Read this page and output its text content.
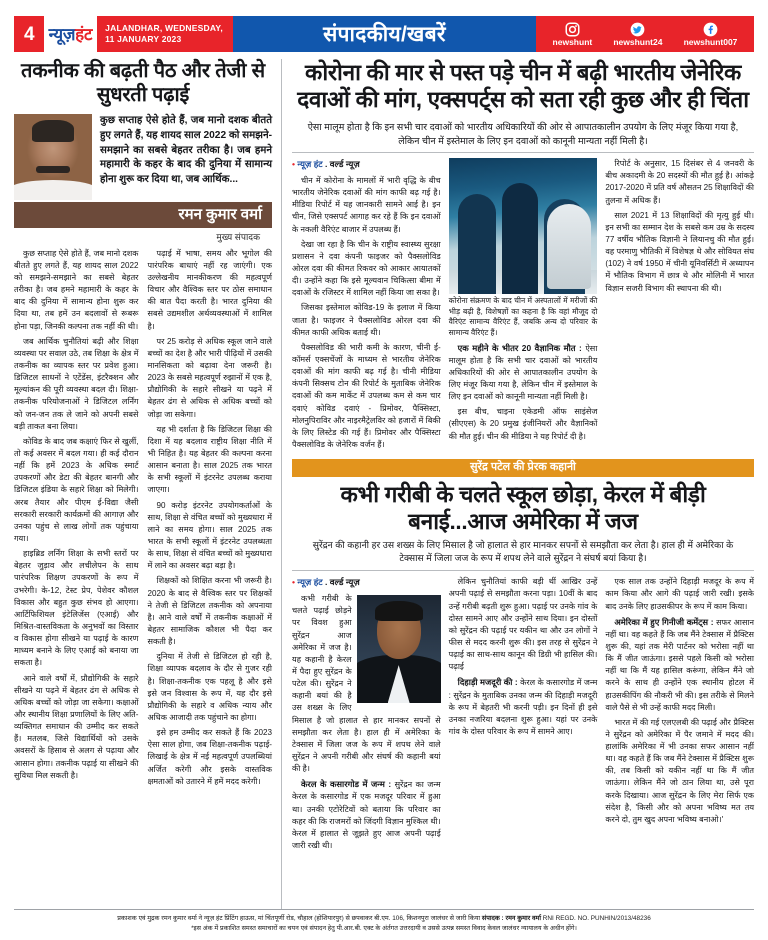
4 न्यूज़हंट JALANDHAR, WEDNESDAY,
11 JANUARY 2023	संपादकीय/खबरें	newshunt newshunt24 newshunt007
तकनीक की बढ़ती पैठ और तेजी से सुधरती पढ़ाई
कुछ सप्ताह ऐसे होते हैं, जब मानो दशक बीतते हुए लगते हैं, यह शायद साल 2022 को समझने-समझाने का सबसे बेहतर तरीका है। जब हमने महामारी के कहर के बाद की दुनिया में सामान्य होना शुरू कर दिया था, जब आर्थिक...
रमन कुमार वर्मा
मुख्य संपादक

कुछ सप्ताह ऐसे होते हैं, जब मानो दशक बीतते हुए लगते हैं, यह शायद साल 2022 को समझने-समझाने का सबसे बेहतर तरीका है। जब हमने महामारी के कहर के बाद की दुनिया में सामान्य होना शुरू कर दिया था, तब हमें उन बदलावों से रूबरू होना पड़ा, जिनकी कल्पना तक नहीं की थी।

जब आर्थिक चुनौतियां बढ़ी और शिक्षा व्यवस्था पर सवाल उठे, तब शिक्षा के क्षेत्र में तकनीक का व्यापक स्तर पर प्रवेश हुआ। डिजिटल साधनों ने एटेंडेंस, इंटरैक्शन और मूल्यांकन की पूरी व्यवस्था बदल दी। शिक्षा-तकनीक परियोजनाओं ने डिजिटल लर्निंग को जन-जन तक ले जाने को अपनी सबसे बड़ी ताकत बना लिया।

कोविड के बाद जब कक्षाएं फिर से खुलीं, तो कई अवसर में बदल गया। ही कई दौरान नहीं कि हमें 2023 के अधिक स्मार्ट उपकरणों और डेटा की बेहतर बानगी और डिजिटल इंडिया के सहारे शिक्षा को मिलेगी। अरब तैयार और पीएम ई-विद्या जैसी सरकारी सरकारी कार्यक्रमों की आगाज़ और उनका पहुंच से लाख लोगों तक पहुंचाया गया।

हाइब्रिड लर्निंग शिक्षा के सभी स्तरों पर बेहतर जुड़ाव और लचीलेपन के साथ पारंपरिक शिक्षण उपकरणों के रूप में उभरेगी। के-12, टेस्ट प्रेप, पेशेवर कौशल विकास और बहुत कुछ संभव हो आएगा। आर्टिफिशियल इंटेलिजेंस (एआई) और मिश्रित-वास्तविकता के अनुभवों का विस्तार व विकास होगा सीखने या पढ़ाई के कारण माध्यम बनाने के लिए एआई को बनाया जा सकता है।

आने वाले वर्षों में, प्रौद्योगिकी के सहारे सीखने या पढ़ने में बेहतर ढंग से अधिक से अधिक बच्चों को जोड़ा जा सकेगा। कक्षाओं और स्थानीय शिक्षा प्रणालियों के लिए अति-व्यक्तिगत समाधान की उम्मीद कर सकते हैं। मतलब, जिसे विद्यार्थियों को उसके अवसरों के हिसाब से अलग से पढ़ाया और आसान होगा। तकनीक पढ़ाई या सीखने की सुविधा मिल सकती है।

पढ़ाई में भाषा, समय और भूगोल की पारंपरिक बाधाएं नहीं रह जाएंगी। एक उल्लेखनीय मानकीकरण की महत्वपूर्ण विचार और वैश्विक स्तर पर ठोस समाधान की बात पैदा करती है। भारत दुनिया की सबसे उद्यमशील अर्थव्यवस्थाओं में शामिल है।

पर 25 करोड़ से अधिक स्कूल जाने वाले बच्चों का देश है और भारी पीढ़ियों में उसकी मानसिकता को बढ़ावा देना जरूरी है। 2023 के सबसे महत्वपूर्ण रुझानों में एक है, प्रौद्योगिकी के सहारे सीखने या पढ़ने में बेहतर ढंग से अधिक से अधिक बच्चों को जोड़ा जा सकेगा।

यह भी दर्शाता है कि डिजिटल शिक्षा की दिशा में यह बदलाव राष्ट्रीय शिक्षा नीति में भी निहित है। यह बेहतर की कल्पना करना आसान बनाता है। साल 2025 तक भारत के सभी स्कूलों में इंटरनेट उपलब्ध कराया जाएगा।

90 करोड़ इंटरनेट उपयोगकर्ताओं के साथ, शिक्षा से वंचित बच्चों को मुख्यधारा में लाने का समय होगा। साल 2025 तक भारत के सभी स्कूलों में इंटरनेट उपलब्धता के साथ, शिक्षा से वंचित बच्चों को मुख्यधारा में लाने का अवसर बढ़ा बड़ा है।

शिक्षकों को शिक्षित करना भी जरूरी है। 2020 के बाद से वैश्विक स्तर पर शिक्षकों ने तेजी से डिजिटल तकनीक को अपनाया है। आने वाले वर्षों में तकनीक कक्षाओं में बेहतर सामाजिक कौशल भी पैदा कर सकती है।

दुनिया में तेजी से डिजिटल हो रही है, शिक्षा व्यापक बदलाव के दौर से गुजर रही है। शिक्षा-तकनीक एक पहलू है और इसे इसे जन विश्वास के रूप में, यह दौर इसे प्रौद्योगिकी के सहारे व अधिक न्याय और अधिक आजादी तक पहुंचाने का होगा।

इसे हम उम्मीद कर सकते हैं कि 2023 ऐसा साल होगा, जब शिक्षा-तकनीक पढ़ाई-लिखाई के क्षेत्र में नई महत्वपूर्ण उपलब्धियां अर्जित करेगी और इसके वास्तविक क्षमताओं को उतारने में हमें मदद करेगी।

कोरोना की मार से पस्त पड़े चीन में बढ़ी भारतीय जेनेरिक दवाओं की मांग, एक्सपर्ट्स को सता रही कुछ और ही चिंता
ऐसा मालूम होता है कि इन सभी चार दवाओं को भारतीय अधिकारियों की ओर से आपातकालीन उपयोग के लिए मंजूर किया गया है, लेकिन चीन में इस्तेमाल के लिए इन दवाओं को कानूनी मान्यता नहीं मिली है।
• न्यूज़ हंट . वर्ल्ड न्यूज़

चीन में कोरोना के मामलों में भारी वृद्धि के बीच भारतीय जेनेरिक दवाओं की मांग काफी बढ़ गई है। मीडिया रिपोर्ट में यह जानकारी सामने आई है। इन चीन, जिसे एक्सपर्ट आगाह कर रहे हैं कि इन दवाओं के नकली वैरिएंट बाजार में उपलब्ध हैं।

देखा जा रहा है कि चीन के राष्ट्रीय स्वास्थ्य सुरक्षा प्रशासन ने दवा कंपनी फाइजर को पैक्सलोविड ओरल दवा की कीमत रिकवर को आकार आयातकों दी। उन्होंने कहा कि इसे मूल्यवान चिकित्सा बीमा में दवाओं के रजिस्टर में शामिल नहीं किया जा सका है।

जिसका इस्तेमाल कोविड-19 के इलाज में किया जाता है। फाइजर ने पैक्सलोविड ओरल दवा की कीमत काफी अधिक बताई थी।

पैक्सलोविड की भारी कमी के कारण, चीनी ई-कॉमर्स एक्सचेंजों के माध्यम से भारतीय जेनेरिक दवाओं की मांग काफी बढ़ गई है। चीनी मीडिया कंपनी सिक्सथ टोन की रिपोर्ट के मुताबिक जेनेरिक दवाओं की कम मार्केट में उपलब्ध कम से कम चार दवाएं कोविड दवाएं - प्रिमोवर, पैक्सिस्टा, मोलनुपिराविर और नाइरमैट्रेलविर को हजारों में बिकी के लिए लिस्टेड की गई हैं। प्रिमोवर और पैक्सिस्टा पैक्सलोविड के जेनेरिक वर्जन हैं।

कोरोना संक्रमण के बाद चीन में अस्पतालों में मरीजों की भीड़ बढ़ी है, विशेषज्ञों का कहना है कि वहां मौजूद दो वैरिएंट सामान्य वैरिएंट हैं, जबकि अन्य दो परिवार के सामान्य वैरिएंट हैं।

एक महीने के भीतर 20 वैज्ञानिक मौत : ऐसा मालूम होता है कि सभी चार दवाओं को भारतीय अधिकारियों की ओर से आपातकालीन उपयोग के लिए मंजूर किया गया है, लेकिन चीन में इस्तेमाल के लिए इन दवाओं को कानूनी मान्यता नहीं मिली है।

इस बीच, चाइना एकेडमी ऑफ साइंसेज (सीएएस) के 20 प्रमुख इंजीनियरों और वैज्ञानिकों की मौत हुई। चीन की मीडिया ने यह रिपोर्ट दी है।

रिपोर्ट के अनुसार, 15 दिसंबर से 4 जनवरी के बीच अकादमी के 20 सदस्यों की मौत हुई है। आंकड़े 2017-2020 में प्रति वर्ष औसतन 25 शिक्षाविदों की तुलना में अधिक हैं।

साल 2021 में 13 शिक्षाविदों की मृत्यु हुई थी। इन सभी का सम्मान देश के सबसे कम उम्र के सदस्य 77 वर्षीय भौतिक विज्ञानी ने लियानचु की मौत हुई। वह परमाणु भौतिकी में विशेषज्ञ थे और सोवियत संघ (102) ने वर्ष 1950 में चीनी यूनिवर्सिटी में अध्यापन में भौतिक विभाग में छात्र थे और मोलिनी में भारत विज्ञान सजरी विभाग की स्थापना की थी।

सुरेंद्र पटेल की प्रेरक कहानी
कभी गरीबी के चलते स्कूल छोड़ा, केरल में बीड़ी बनाई...आज अमेरिका में जज
सुरेंद्रन की कहानी हर उस शख्स के लिए मिसाल है जो हालात से हार मानकर सपनों से समझौता कर लेता है। हाल ही में अमेरिका के टेक्सास में जिला जज के रूप में शपथ लेने वाले सुरेंद्रन ने संघर्ष बयां किया है।
• न्यूज़ हंट . वर्ल्ड न्यूज़

कभी गरीबी के चलते पढ़ाई छोड़ने पर विवश हुआ सुरेंद्रन आज अमेरिका में जज है। यह कहानी है केरल में पैदा हुए सुरेंद्रन के पटेल की। सुरेंद्रन ने कहानी बयां की है उस शख्स के लिए मिसाल है जो हालात से हार मानकर सपनों से समझौता कर लेता है। हाल ही में अमेरिका के टेक्सास में जिला जज के रूप में शपथ लेने वाले सुरेंद्रन ने अपनी गरीबी और संघर्ष की कहानी बयां की है।

केरल के कसारगोड में जन्म : सुरेंद्रन का जन्म केरल के कसारगोड में एक मजदूर परिवार में हुआ था। उनकी एटोरेटिवों को बताया कि परिवार का कहर की कि राजमरों को जिंदगी विज्ञान मुश्किल थी। केरल में हालात से जूझते हुए आज अपनी पढ़ाई जारी रखी थी।

लेकिन चुनौतियां काफी बड़ी थीं आखिर उन्हें अपनी पढ़ाई से समझौता करना पड़ा। 10वीं के बाद उन्हें गरीबी बढ़ती शुरू हुआ। पढ़ाई पर उनके गांव के दोस्त सामने आए और उन्होंने साथ दिया। इन दोस्तों को सुरेंद्रन की पढ़ाई पर यकीन था और उन लोगों ने फीस से मदद करनी शुरू की। इस तरह से सुरेंद्रन ने पढ़ाई का साथ-साथ कानून की डिग्री भी हासिल की। पढ़ाई

दिहाड़ी मजदूरी की : केरल के कसारगोड में जन्म : सुरेंद्रन के मुताबिक उनका जन्म की दिहाड़ी मजदूरी के रूप में बेहतरी भी करनी पड़ी। इन दिनों ही इसे उनका नजरिया बदलना शुरू हुआ। यहां पर उनके गांव के दोस्त परिवार के रूप में सामने आए।

एक साल तक उन्होंने दिहाड़ी मजदूर के रूप में काम किया और आगे की पढ़ाई जारी रखी। इसके बाद उनके लिए हाउसकीपर के रूप में काम किया।

अमेरिका में हुए गिनीजी कमेंट्स : सफर आसान नहीं था। वह कहते हैं कि जब मैंने टेक्सास में प्रैक्टिस शुरू की, यहां तक मेरी पार्टनर को भरोसा नहीं था कि मैं जीत जाऊंगा। इससे पहले किसी को भरोसा नहीं था कि मैं यह हासिल करूंगा, लेकिन मैंने जो करने के साथ ही उन्होंने एक स्थानीय होटल में हाउसकीपिंग की नौकरी भी की। इस तरीके से मिलने वाले पैसे से भी उन्हें काफी मदद मिली।

भारत में की गई एलएलबी की पढ़ाई और प्रैक्टिस ने सुरेंद्रन को अमेरिका में पैर जमाने में मदद की। हालांकि अमेरिका में भी उनका सफर आसान नहीं था। वह कहते हैं कि जब मैंने टेक्सास में प्रैक्टिस शुरू की, तब किसी को यकीन नहीं था कि मैं जीत जाऊंगा। लेकिन मैंने जो ठान लिया था, उसे पूरा करके दिखाया। आज सुरेंद्रन के लिए मेरा सिर्फ एक संदेश है, 'किसी और को अपना भविष्य मत तय करने दो, तुम खुद अपना भविष्य बनाओ।'

प्रकाशक एवं मुद्रक रमन कुमार वर्मा ने न्यूज़ हंट प्रिंटिंग हाऊस, मां चिंतपूर्णी रोड, चौहाल (होशियारपुर) से छपवाकर बी.एम. 106, किशनपुरा जालंधर से जारी किया संपादक : रमन कुमार वर्मा RNI REGD. NO. PUNHIN/2013/48236
*इस अंक में प्रकाशित समस्त समाचारों का चयन एवं संपादन हेतु पी.आर.बी. एक्ट के अंर्तगत उत्तरदायी व उससे उत्पन्न समस्त विवाद केवल जालंधर न्यायालय के अधीन होंगे।
